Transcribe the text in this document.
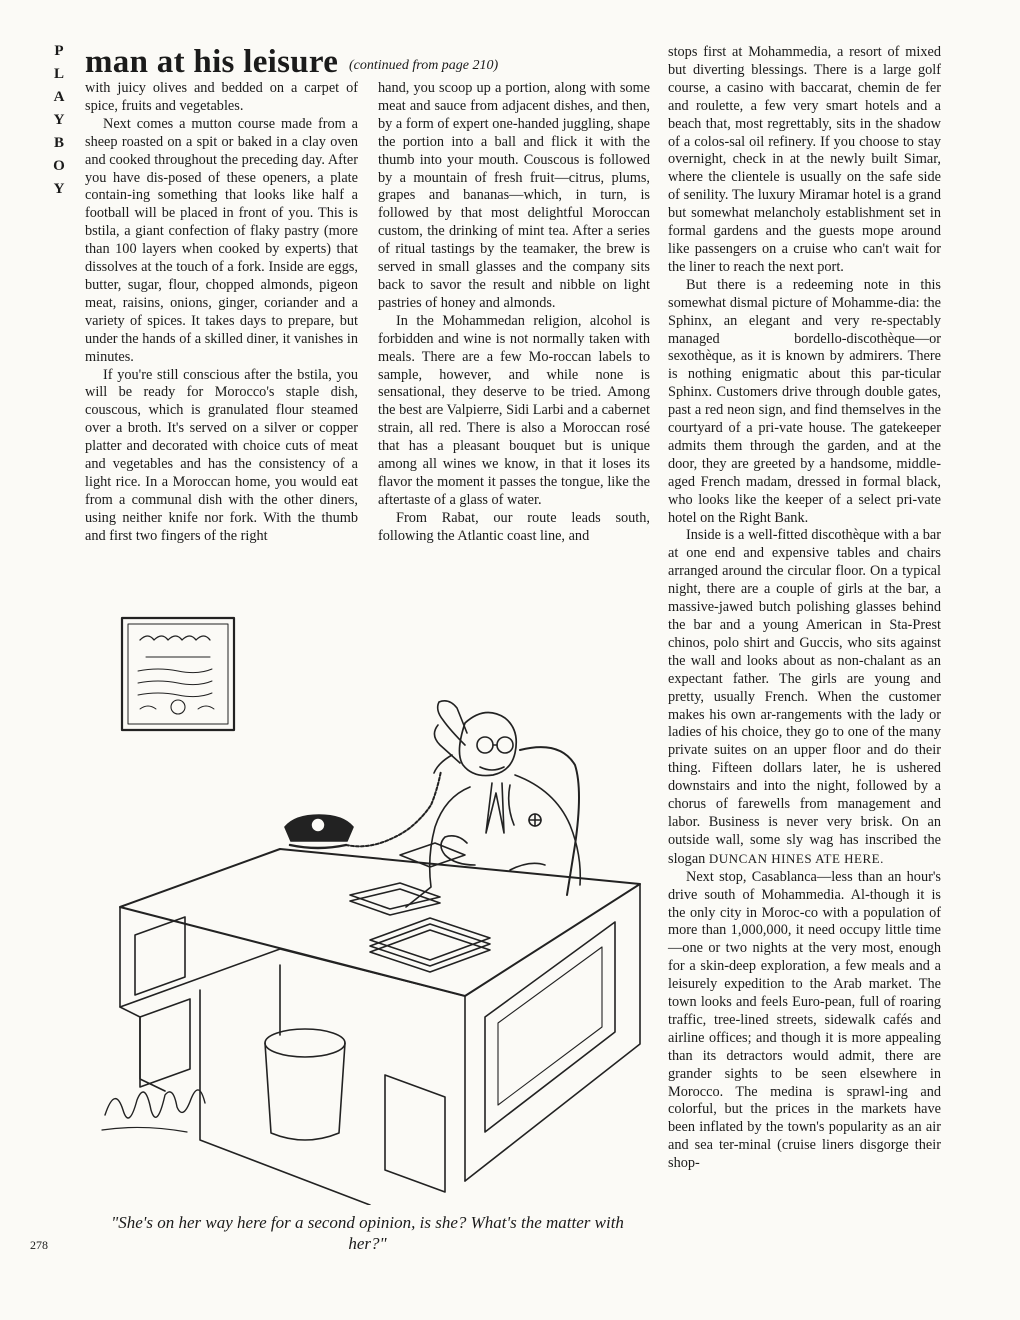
P
L
A
Y
B
O
Y
man at his leisure (continued from page 210)

with juicy olives and bedded on a carpet of spice, fruits and vegetables.

Next comes a mutton course made from a sheep roasted on a spit or baked in a clay oven and cooked throughout the preceding day. After you have dis-posed of these openers, a plate contain-ing something that looks like half a football will be placed in front of you. This is bstila, a giant confection of flaky pastry (more than 100 layers when cooked by experts) that dissolves at the touch of a fork. Inside are eggs, butter, sugar, flour, chopped almonds, pigeon meat, raisins, onions, ginger, coriander and a variety of spices. It takes days to prepare, but under the hands of a skilled diner, it vanishes in minutes.

If you're still conscious after the bstila, you will be ready for Morocco's staple dish, couscous, which is granulated flour steamed over a broth. It's served on a silver or copper platter and decorated with choice cuts of meat and vegetables and has the consistency of a light rice. In a Moroccan home, you would eat from a communal dish with the other diners, using neither knife nor fork. With the thumb and first two fingers of the right

hand, you scoop up a portion, along with some meat and sauce from adjacent dishes, and then, by a form of expert one-handed juggling, shape the portion into a ball and flick it with the thumb into your mouth. Couscous is followed by a mountain of fresh fruit—citrus, plums, grapes and bananas—which, in turn, is followed by that most delightful Moroccan custom, the drinking of mint tea. After a series of ritual tastings by the teamaker, the brew is served in small glasses and the company sits back to savor the result and nibble on light pastries of honey and almonds.

In the Mohammedan religion, alcohol is forbidden and wine is not normally taken with meals. There are a few Mo-roccan labels to sample, however, and while none is sensational, they deserve to be tried. Among the best are Valpierre, Sidi Larbi and a cabernet strain, all red. There is also a Moroccan rosé that has a pleasant bouquet but is unique among all wines we know, in that it loses its flavor the moment it passes the tongue, like the aftertaste of a glass of water.

From Rabat, our route leads south, following the Atlantic coast line, and

stops first at Mohammedia, a resort of mixed but diverting blessings. There is a large golf course, a casino with baccarat, chemin de fer and roulette, a few very smart hotels and a beach that, most regrettably, sits in the shadow of a colos-sal oil refinery. If you choose to stay overnight, check in at the newly built Simar, where the clientele is usually on the safe side of senility. The luxury Miramar hotel is a grand but somewhat melancholy establishment set in formal gardens and the guests mope around like passengers on a cruise who can't wait for the liner to reach the next port.

But there is a redeeming note in this somewhat dismal picture of Mohamme-dia: the Sphinx, an elegant and very re-spectably managed bordello-discothèque—or sexothèque, as it is known by admirers. There is nothing enigmatic about this par-ticular Sphinx. Customers drive through double gates, past a red neon sign, and find themselves in the courtyard of a pri-vate house. The gatekeeper admits them through the garden, and at the door, they are greeted by a handsome, middle-aged French madam, dressed in formal black, who looks like the keeper of a select pri-vate hotel on the Right Bank.

Inside is a well-fitted discothèque with a bar at one end and expensive tables and chairs arranged around the circular floor. On a typical night, there are a couple of girls at the bar, a massive-jawed butch polishing glasses behind the bar and a young American in Sta-Prest chinos, polo shirt and Guccis, who sits against the wall and looks about as non-chalant as an expectant father. The girls are young and pretty, usually French. When the customer makes his own ar-rangements with the lady or ladies of his choice, they go to one of the many private suites on an upper floor and do their thing. Fifteen dollars later, he is ushered downstairs and into the night, followed by a chorus of farewells from management and labor. Business is never very brisk. On an outside wall, some sly wag has inscribed the slogan DUNCAN HINES ATE HERE.

Next stop, Casablanca—less than an hour's drive south of Mohammedia. Al-though it is the only city in Moroc-co with a population of more than 1,000,000, it need occupy little time—one or two nights at the very most, enough for a skin-deep exploration, a few meals and a leisurely expedition to the Arab market. The town looks and feels Euro-pean, full of roaring traffic, tree-lined streets, sidewalk cafés and airline offices; and though it is more appealing than its detractors would admit, there are grander sights to be seen elsewhere in Morocco. The medina is sprawl-ing and colorful, but the prices in the markets have been inflated by the town's popularity as an air and sea ter-minal (cruise liners disgorge their shop-

"She's on her way here for a second opinion, is she? What's the matter with her?"
278
